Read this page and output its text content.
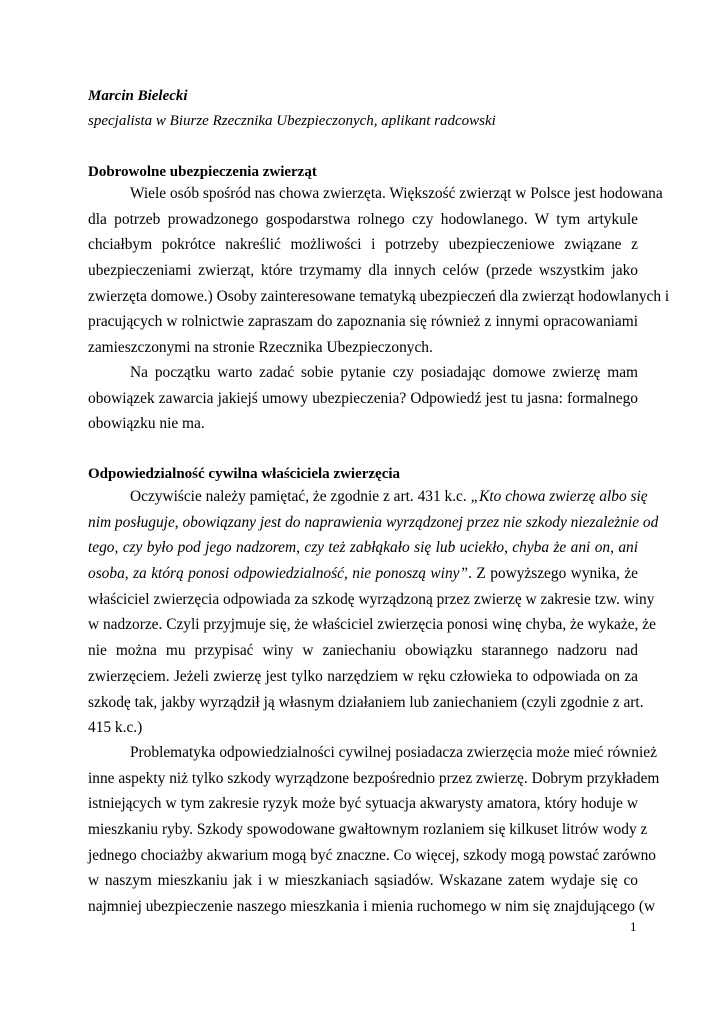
Marcin Bielecki
specjalista w Biurze Rzecznika Ubezpieczonych, aplikant radcowski
Dobrowolne ubezpieczenia zwierząt
Wiele osób spośród nas chowa zwierzęta. Większość zwierząt w Polsce jest hodowana
dla potrzeb prowadzonego gospodarstwa rolnego czy hodowlanego. W tym artykule
chciałbym pokrótce nakreślić możliwości i potrzeby ubezpieczeniowe związane z
ubezpieczeniami zwierząt, które trzymamy dla innych celów (przede wszystkim jako
zwierzęta domowe.) Osoby zainteresowane tematyką ubezpieczeń dla zwierząt hodowlanych i
pracujących w rolnictwie zapraszam do zapoznania się również z innymi opracowaniami
zamieszczonymi na stronie Rzecznika Ubezpieczonych.
Na początku warto zadać sobie pytanie czy posiadając domowe zwierzę mam
obowiązek zawarcia jakiejś umowy ubezpieczenia? Odpowiedź jest tu jasna: formalnego
obowiązku nie ma.
Odpowiedzialność cywilna właściciela zwierzęcia
Oczywiście należy pamiętać, że zgodnie z art. 431 k.c. „Kto chowa zwierzę albo się
nim posługuje, obowiązany jest do naprawienia wyrządzonej przez nie szkody niezależnie od
tego, czy było pod jego nadzorem, czy też zabłąkało się lub uciekło, chyba że ani on, ani
osoba, za którą ponosi odpowiedzialność, nie ponoszą winy”. Z powyższego wynika, że
właściciel zwierzęcia odpowiada za szkodę wyrządzoną przez zwierzę w zakresie tzw. winy
w nadzorze. Czyli przyjmuje się, że właściciel zwierzęcia ponosi winę chyba, że wykaże, że
nie można mu przypisać winy w zaniechaniu obowiązku starannego nadzoru nad
zwierzęciem. Jeżeli zwierzę jest tylko narzędziem w ręku człowieka to odpowiada on za
szkodę tak, jakby wyrządził ją własnym działaniem lub zaniechaniem (czyli zgodnie z art.
415 k.c.)
Problematyka odpowiedzialności cywilnej posiadacza zwierzęcia może mieć również
inne aspekty niż tylko szkody wyrządzone bezpośrednio przez zwierzę. Dobrym przykładem
istniejących w tym zakresie ryzyk może być sytuacja akwarysty amatora, który hoduje w
mieszkaniu ryby. Szkody spowodowane gwałtownym rozlaniem się kilkuset litrów wody z
jednego chociażby akwarium mogą być znaczne. Co więcej, szkody mogą powstać zarówno
w naszym mieszkaniu jak i w mieszkaniach sąsiadów. Wskazane zatem wydaje się co
najmniej ubezpieczenie naszego mieszkania i mienia ruchomego w nim się znajdującego (w
1
